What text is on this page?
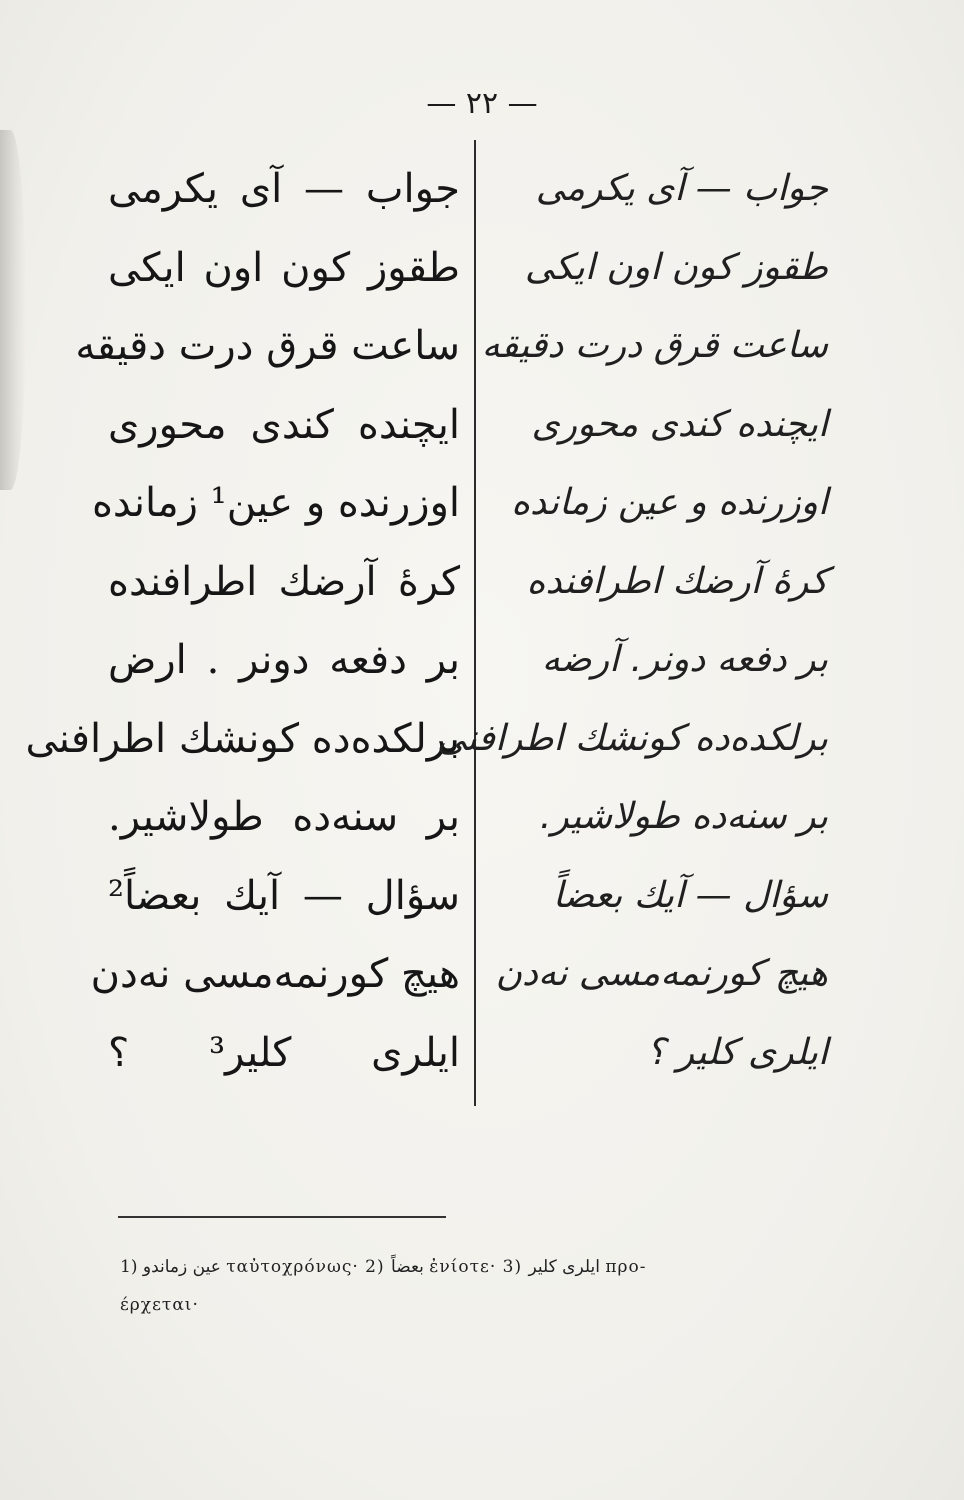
— ٢٢ —
جواب — آی یکرمی
طقوز کون اون ایکی
ساعت قرق درت دقیقه
ایچنده کندی محوری
اوزرنده و عین¹ زمانده
کرهٔ آرضك اطرافنده
بر دفعه دونر . ارض
برلکدەدە کونشك اطرافنی
بر سنەدە طولاشیر.
سؤال — آیك بعضاً²
هیچ کورنمەمسی نەدن
ایلری کلیر³ ؟
جواب — آی یکرمی
طقوز کون اون ایکی
ساعت قرق درت دقیقه
ایچنده کندی محوری
اوزرنده و عین زمانده
کرهٔ آرضك اطرافنده
بر دفعه دونر. آرضه
برلکدەدە کونشك اطرافنی
بر سنەدە طولاشیر.
سؤال — آیك بعضاً
هیچ کورنمەمسی نەدن
ایلری کلیر ؟
1) عین زماندو ταὐτοχρόνως· 2) بعضاً ἐνίοτε· 3) ایلری کلیر προ-
έρχεται·
